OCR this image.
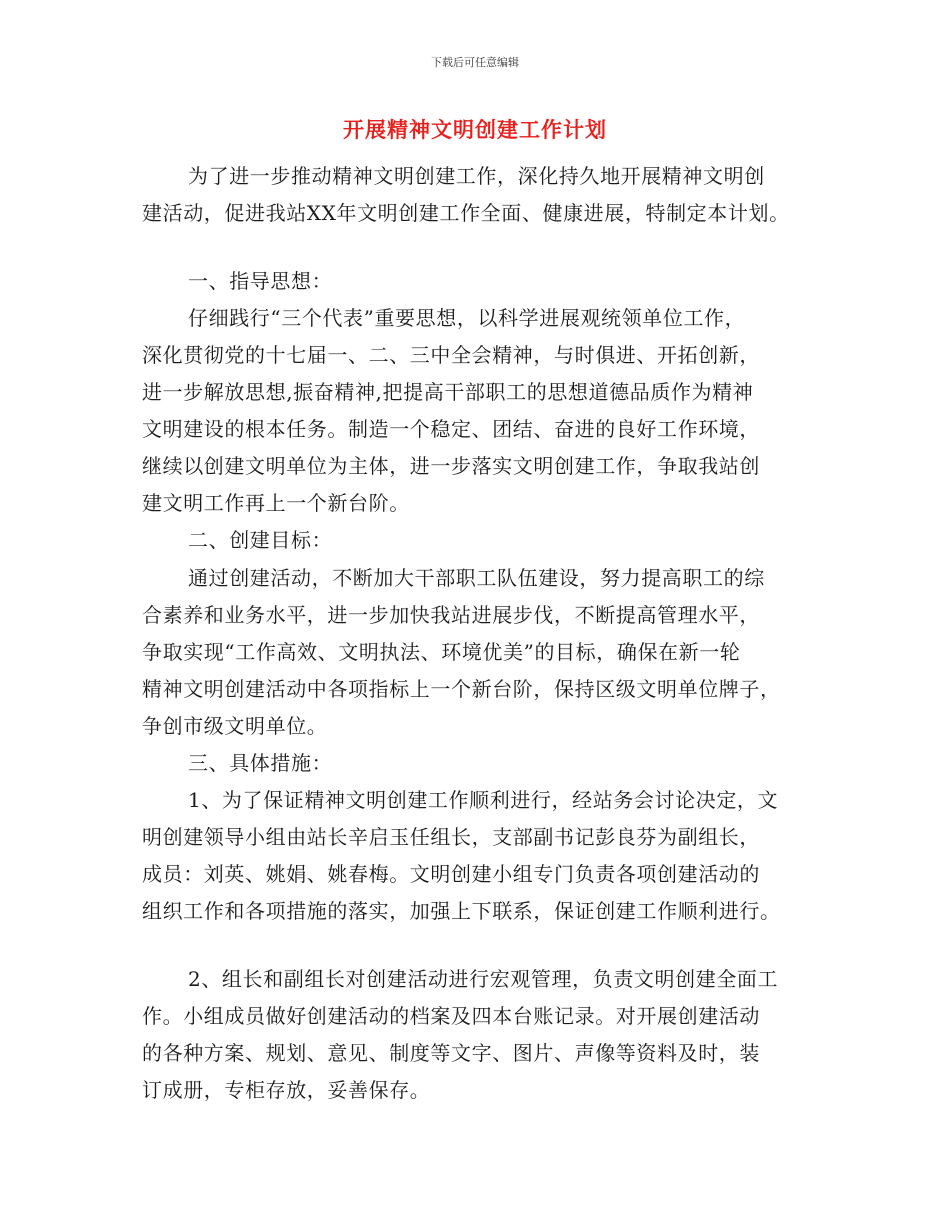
下载后可任意编辑
开展精神文明创建工作计划
为了进一步推动精神文明创建工作，深化持久地开展精神文明创
建活动，促进我站XX年文明创建工作全面、健康进展，特制定本计划。
一、指导思想：
仔细践行“三个代表”重要思想，以科学进展观统领单位工作，
深化贯彻党的十七届一、二、三中全会精神，与时俱进、开拓创新，
进一步解放思想,振奋精神,把提高干部职工的思想道德品质作为精神
文明建设的根本任务。制造一个稳定、团结、奋进的良好工作环境，
继续以创建文明单位为主体，进一步落实文明创建工作，争取我站创
建文明工作再上一个新台阶。
二、创建目标：
通过创建活动，不断加大干部职工队伍建设，努力提高职工的综
合素养和业务水平，进一步加快我站进展步伐，不断提高管理水平，
争取实现“工作高效、文明执法、环境优美”的目标，确保在新一轮
精神文明创建活动中各项指标上一个新台阶，保持区级文明单位牌子，
争创市级文明单位。
三、具体措施：
1、为了保证精神文明创建工作顺利进行，经站务会讨论决定，文
明创建领导小组由站长辛启玉任组长，支部副书记彭良芬为副组长，
成员：刘英、姚娟、姚春梅。文明创建小组专门负责各项创建活动的
组织工作和各项措施的落实，加强上下联系，保证创建工作顺利进行。
2、组长和副组长对创建活动进行宏观管理，负责文明创建全面工
作。小组成员做好创建活动的档案及四本台账记录。对开展创建活动
的各种方案、规划、意见、制度等文字、图片、声像等资料及时，装
订成册，专柜存放，妥善保存。
